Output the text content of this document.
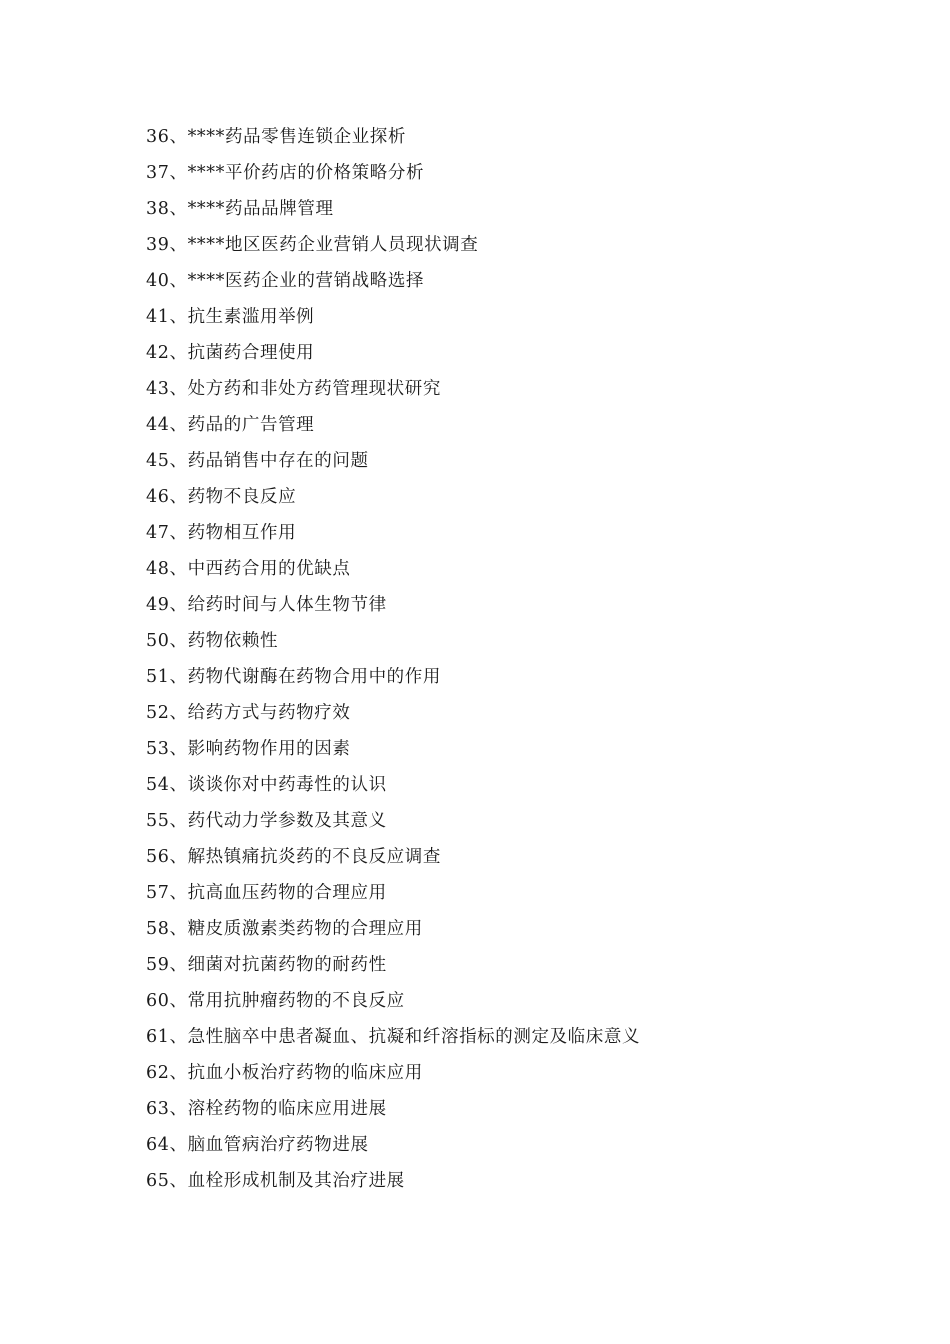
36、****药品零售连锁企业探析
37、****平价药店的价格策略分析
38、****药品品牌管理
39、****地区医药企业营销人员现状调查
40、****医药企业的营销战略选择
41、抗生素滥用举例
42、抗菌药合理使用
43、处方药和非处方药管理现状研究
44、药品的广告管理
45、药品销售中存在的问题
46、药物不良反应
47、药物相互作用
48、中西药合用的优缺点
49、给药时间与人体生物节律
50、药物依赖性
51、药物代谢酶在药物合用中的作用
52、给药方式与药物疗效
53、影响药物作用的因素
54、谈谈你对中药毒性的认识
55、药代动力学参数及其意义
56、解热镇痛抗炎药的不良反应调查
57、抗高血压药物的合理应用
58、糖皮质激素类药物的合理应用
59、细菌对抗菌药物的耐药性
60、常用抗肿瘤药物的不良反应
61、急性脑卒中患者凝血、抗凝和纤溶指标的测定及临床意义
62、抗血小板治疗药物的临床应用
63、溶栓药物的临床应用进展
64、脑血管病治疗药物进展
65、血栓形成机制及其治疗进展
